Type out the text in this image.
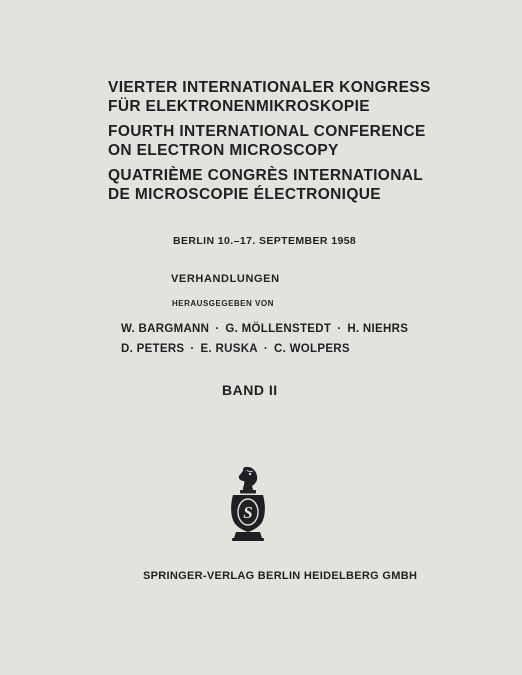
VIERTER INTERNATIONALER KONGRESS
FÜR ELEKTRONENMIKROSKOPIE
FOURTH INTERNATIONAL CONFERENCE
ON ELECTRON MICROSCOPY
QUATRIÈME CONGRÈS INTERNATIONAL
DE MICROSCOPIE ÉLECTRONIQUE
BERLIN 10.–17. SEPTEMBER 1958
VERHANDLUNGEN
HERAUSGEGEBEN VON
W. BARGMANN · G. MÖLLENSTEDT · H. NIEHRS
D. PETERS · E. RUSKA · C. WOLPERS
BAND II
S
SPRINGER-VERLAG BERLIN HEIDELBERG GMBH
